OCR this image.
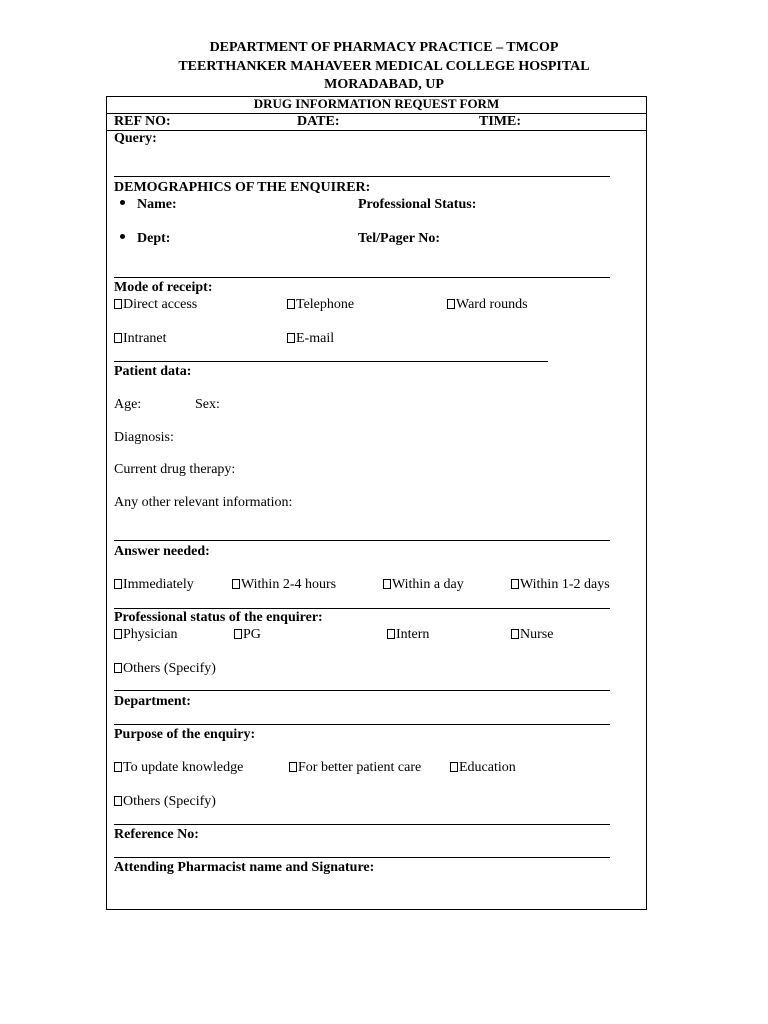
DEPARTMENT OF PHARMACY PRACTICE – TMCOP
TEERTHANKER MAHAVEER MEDICAL COLLEGE HOSPITAL
MORADABAD, UP
DRUG INFORMATION REQUEST FORM
REF NO:	DATE:	TIME:
Query:
DEMOGRAPHICS OF THE ENQUIRER:
Name:	Professional Status:
Dept:	Tel/Pager No:
Mode of receipt:
Direct access	Telephone	Ward rounds
Intranet	E-mail
Patient data:
Age:	Sex:
Diagnosis:
Current drug therapy:
Any other relevant information:
Answer needed:
Immediately	Within 2-4 hours	Within a day	Within 1-2 days
Professional status of the enquirer:
Physician	PG	Intern	Nurse
Others (Specify)
Department:
Purpose of the enquiry:
To update knowledge	For better patient care	Education
Others (Specify)
Reference No:
Attending Pharmacist name and Signature:
